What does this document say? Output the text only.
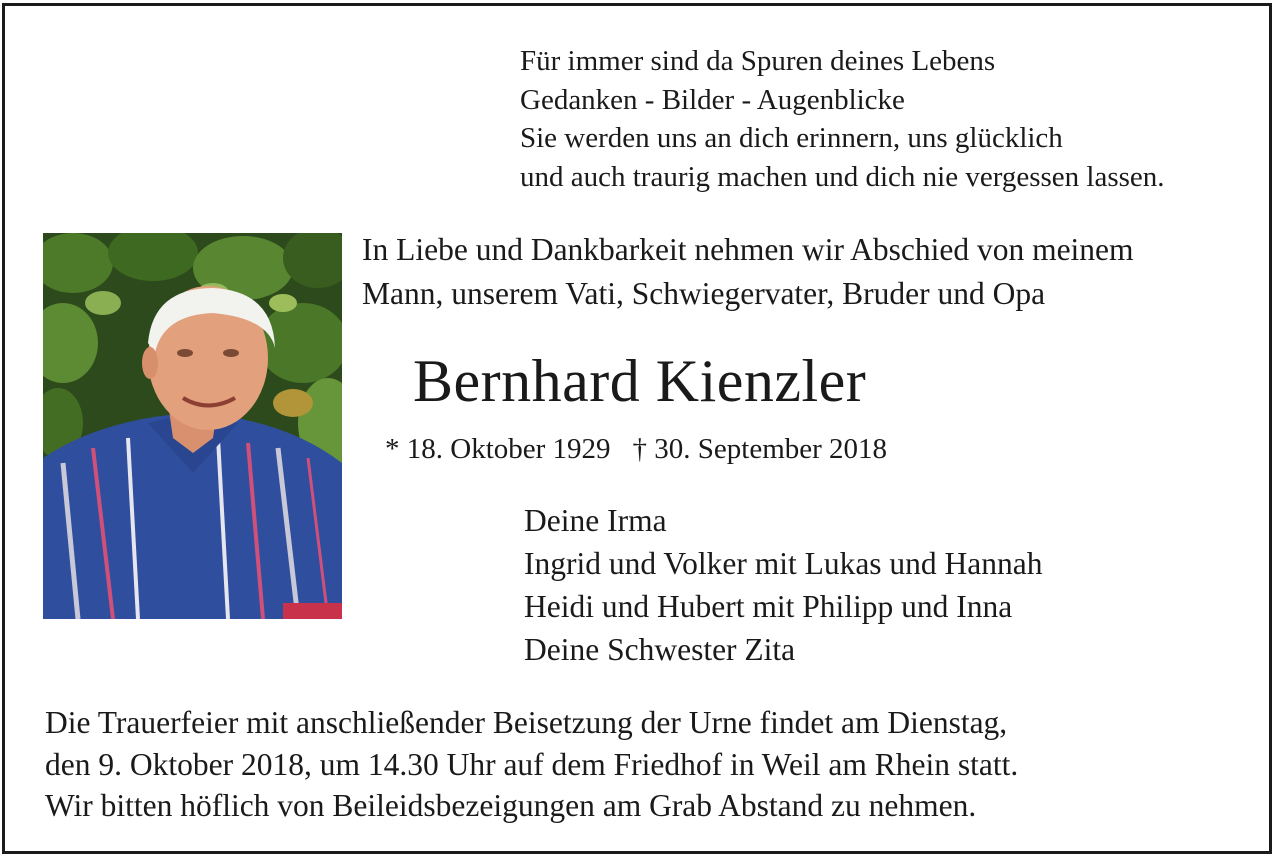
Für immer sind da Spuren deines Lebens
Gedanken - Bilder - Augenblicke
Sie werden uns an dich erinnern, uns glücklich
und auch traurig machen und dich nie vergessen lassen.
In Liebe und Dankbarkeit nehmen wir Abschied von meinem
Mann, unserem Vati, Schwiegervater, Bruder und Opa
Bernhard Kienzler
* 18. Oktober 1929 † 30. September 2018
Deine Irma
Ingrid und Volker mit Lukas und Hannah
Heidi und Hubert mit Philipp und Inna
Deine Schwester Zita
Die Trauerfeier mit anschließender Beisetzung der Urne findet am Dienstag,
den 9. Oktober 2018, um 14.30 Uhr auf dem Friedhof in Weil am Rhein statt.
Wir bitten höflich von Beileidsbezeigungen am Grab Abstand zu nehmen.
